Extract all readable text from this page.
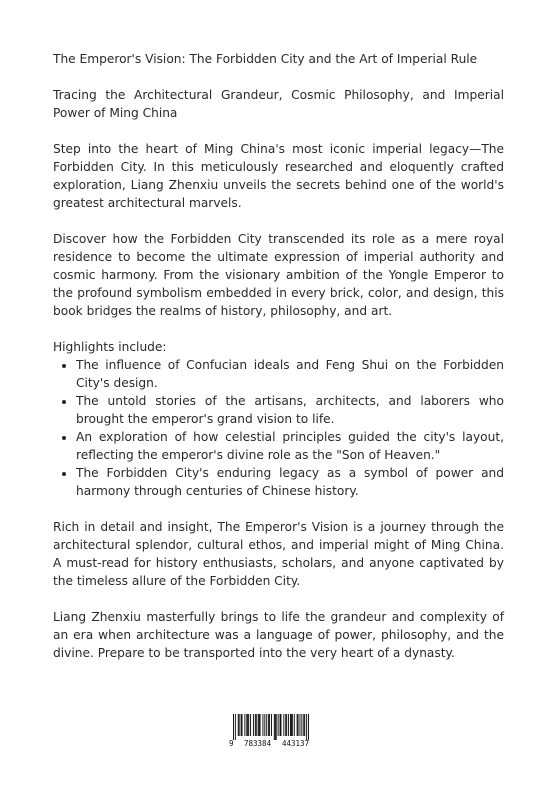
The Emperor's Vision: The Forbidden City and the Art of Imperial Rule

Tracing the Architectural Grandeur, Cosmic Philosophy, and Imperial Power of Ming China

Step into the heart of Ming China's most iconic imperial legacy—The Forbidden City. In this meticulously researched and eloquently crafted exploration, Liang Zhenxiu unveils the secrets behind one of the world's greatest architectural marvels.

Discover how the Forbidden City transcended its role as a mere royal residence to become the ultimate expression of imperial authority and cosmic harmony. From the visionary ambition of the Yongle Emperor to the profound symbolism embedded in every brick, color, and design, this book bridges the realms of history, philosophy, and art.

Highlights include:

• The influence of Confucian ideals and Feng Shui on the Forbidden City's design.
• The untold stories of the artisans, architects, and laborers who brought the emperor's grand vision to life.
• An exploration of how celestial principles guided the city's layout, reflecting the emperor's divine role as the "Son of Heaven."
• The Forbidden City's enduring legacy as a symbol of power and harmony through centuries of Chinese history.

Rich in detail and insight, The Emperor's Vision is a journey through the architectural splendor, cultural ethos, and imperial might of Ming China. A must-read for history enthusiasts, scholars, and anyone captivated by the timeless allure of the Forbidden City.

Liang Zhenxiu masterfully brings to life the grandeur and complexity of an era when architecture was a language of power, philosophy, and the divine. Prepare to be transported into the very heart of a dynasty.

9 783384 443137
